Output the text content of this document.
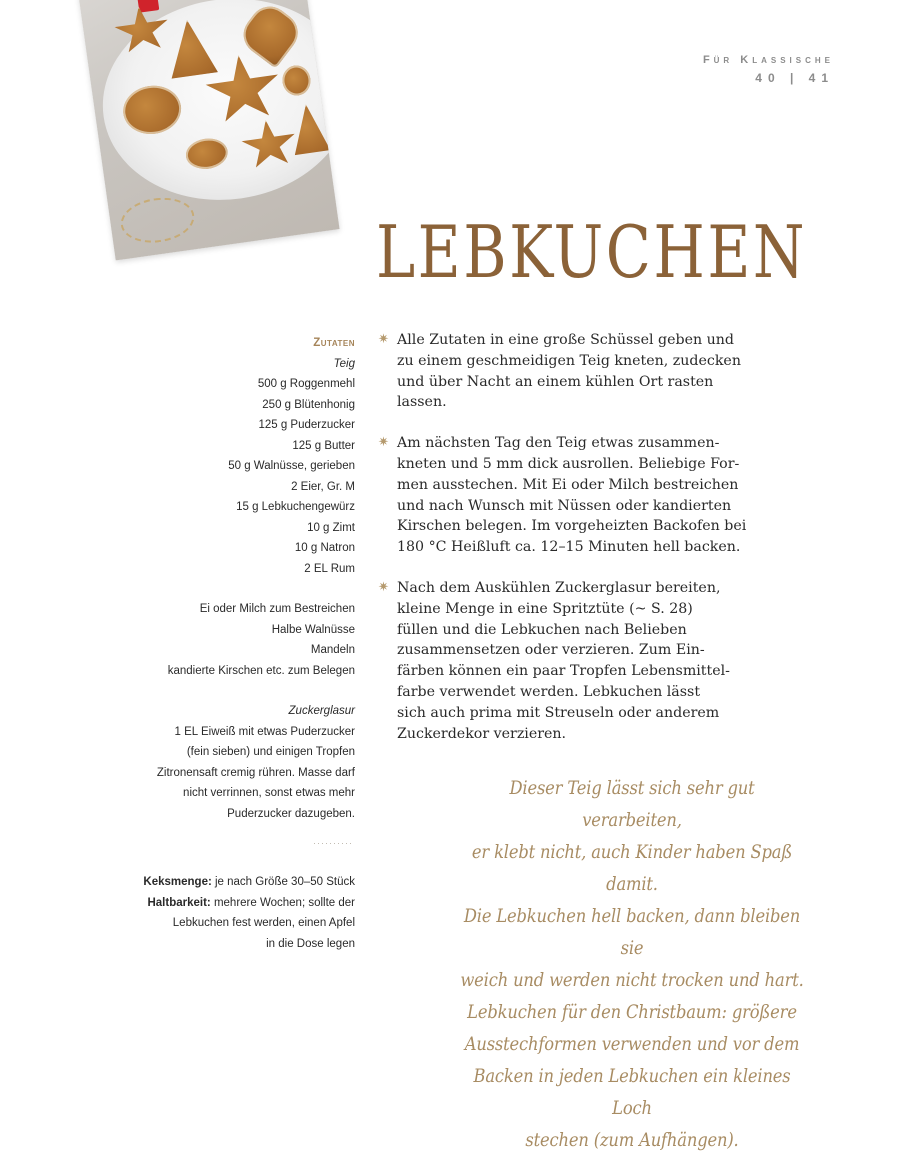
Für Klassische
40 | 41
LEBKUCHEN
Zutaten
Teig
500 g Roggenmehl
250 g Blütenhonig
125 g Puderzucker
125 g Butter
50 g Walnüsse, gerieben
2 Eier, Gr. M
15 g Lebkuchengewürz
10 g Zimt
10 g Natron
2 EL Rum
Ei oder Milch zum Bestreichen
Halbe Walnüsse
Mandeln
kandierte Kirschen etc. zum Belegen
Zuckerglasur
1 EL Eiweiß mit etwas Puderzucker
(fein sieben) und einigen Tropfen
Zitronensaft cremig rühren. Masse darf
nicht verrinnen, sonst etwas mehr
Puderzucker dazugeben.
··········
Keksmenge: je nach Größe 30–50 Stück
Haltbarkeit: mehrere Wochen; sollte der
Lebkuchen fest werden, einen Apfel
in die Dose legen
✷ Alle Zutaten in eine große Schüssel geben und
zu einem geschmeidigen Teig kneten, zudecken
und über Nacht an einem kühlen Ort rasten
lassen.
✷ Am nächsten Tag den Teig etwas zusammen-
kneten und 5 mm dick ausrollen. Beliebige For-
men ausstechen. Mit Ei oder Milch bestreichen
und nach Wunsch mit Nüssen oder kandierten
Kirschen belegen. Im vorgeheizten Backofen bei
180 °C Heißluft ca. 12–15 Minuten hell backen.
✷ Nach dem Auskühlen Zuckerglasur bereiten,
kleine Menge in eine Spritztüte (~ S. 28)
füllen und die Lebkuchen nach Belieben
zusammensetzen oder verzieren. Zum Ein-
färben können ein paar Tropfen Lebensmittel-
farbe verwendet werden. Lebkuchen lässt
sich auch prima mit Streuseln oder anderem
Zuckerdekor verzieren.
Dieser Teig lässt sich sehr gut verarbeiten,
er klebt nicht, auch Kinder haben Spaß damit.
Die Lebkuchen hell backen, dann bleiben sie
weich und werden nicht trocken und hart.
Lebkuchen für den Christbaum: größere
Ausstechformen verwenden und vor dem
Backen in jeden Lebkuchen ein kleines Loch
stechen (zum Aufhängen).
